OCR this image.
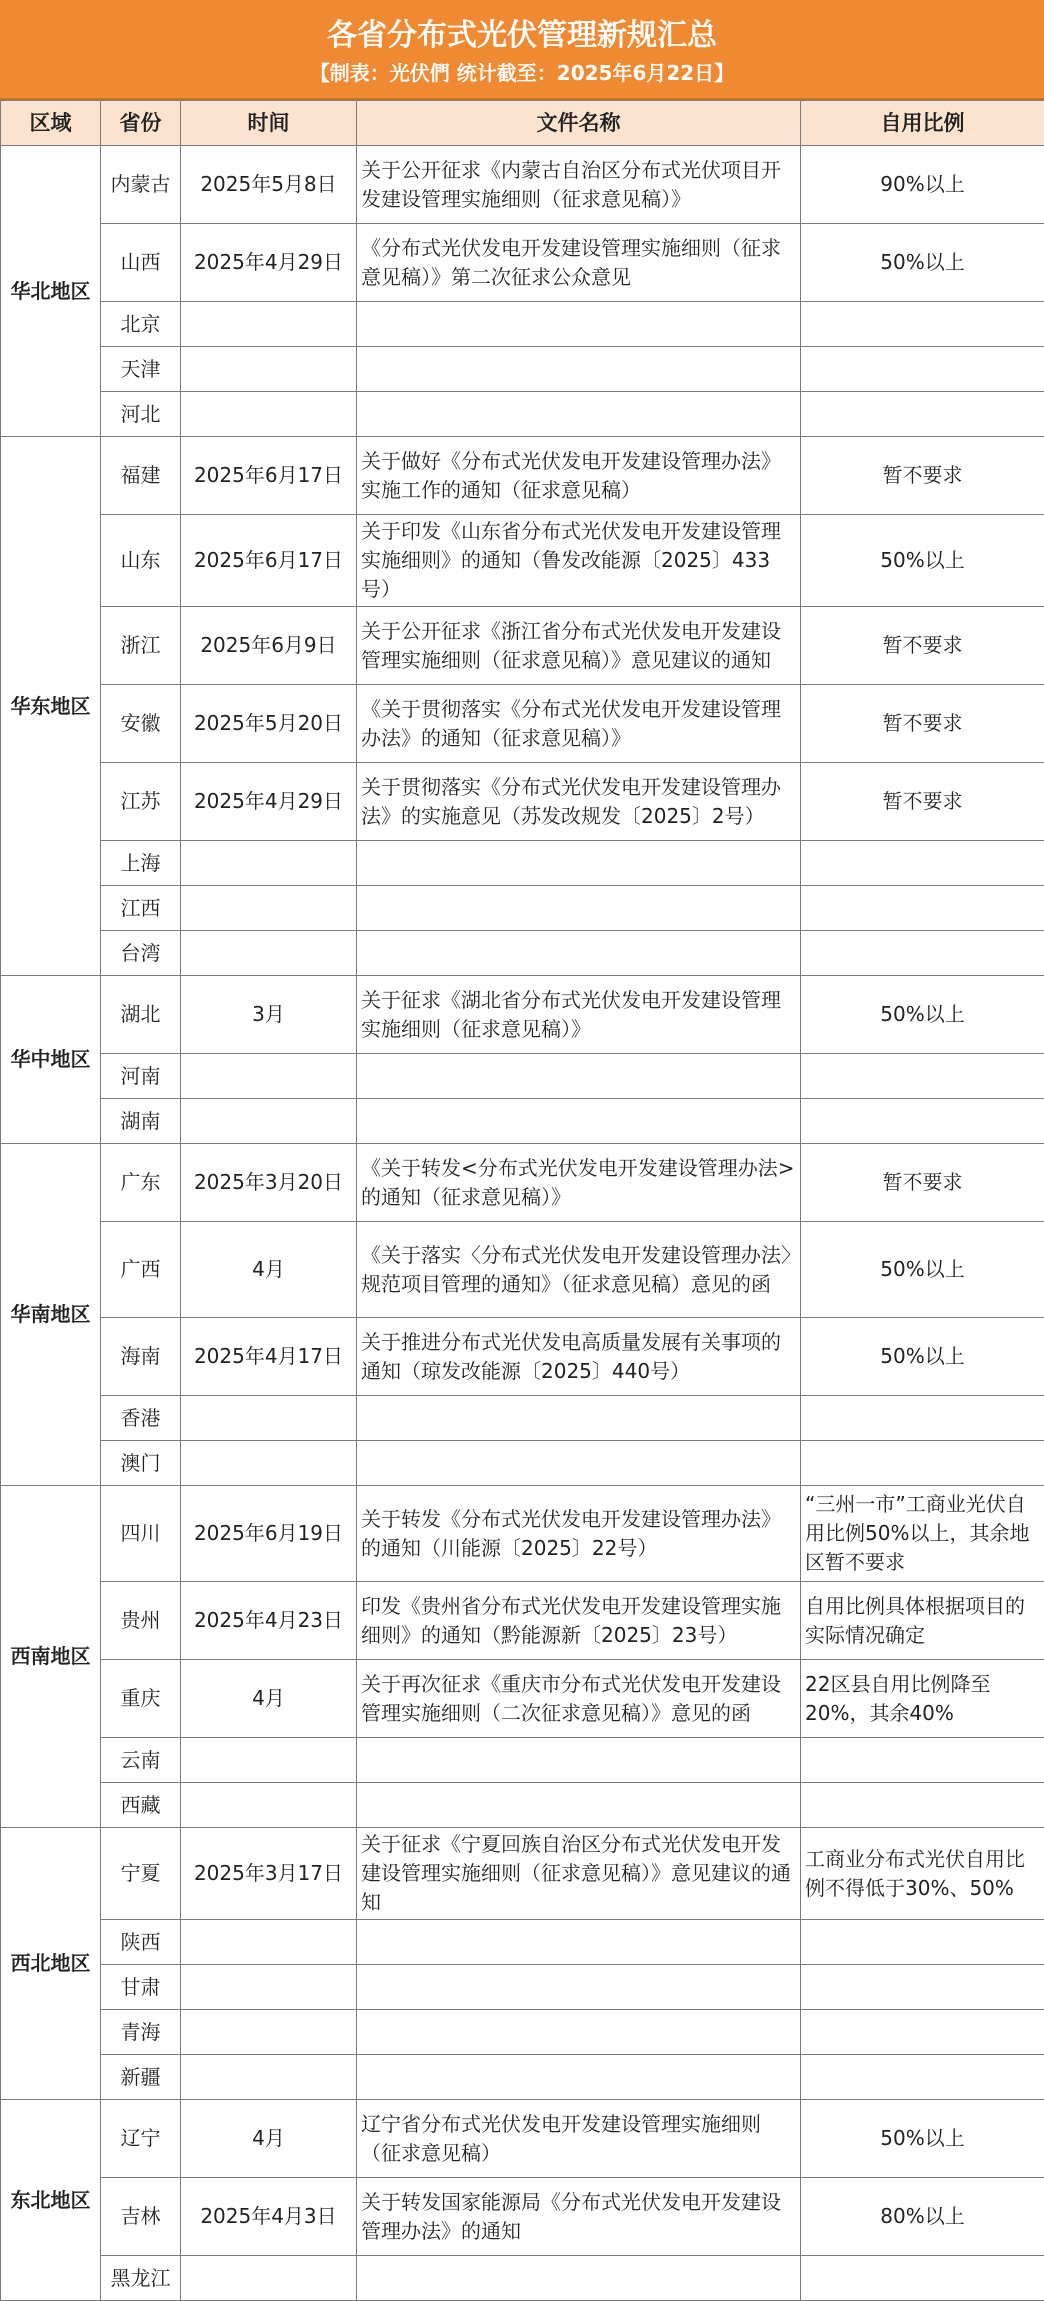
各省分布式光伏管理新规汇总
【制表：光伏們 统计截至：2025年6月22日】
区域	省份	时间	文件名称	自用比例
华北地区	内蒙古	2025年5月8日	关于公开征求《内蒙古自治区分布式光伏项目开发建设管理实施细则（征求意见稿）》	90%以上
	山西	2025年4月29日	《分布式光伏发电开发建设管理实施细则（征求意见稿）》第二次征求公众意见	50%以上
	北京			
	天津			
	河北			
华东地区	福建	2025年6月17日	关于做好《分布式光伏发电开发建设管理办法》实施工作的通知（征求意见稿）	暂不要求
	山东	2025年6月17日	关于印发《山东省分布式光伏发电开发建设管理实施细则》的通知（鲁发改能源〔2025〕433号）	50%以上
	浙江	2025年6月9日	关于公开征求《浙江省分布式光伏发电开发建设管理实施细则（征求意见稿）》意见建议的通知	暂不要求
	安徽	2025年5月20日	《关于贯彻落实《分布式光伏发电开发建设管理办法》的通知（征求意见稿）》	暂不要求
	江苏	2025年4月29日	关于贯彻落实《分布式光伏发电开发建设管理办法》的实施意见（苏发改规发〔2025〕2号）	暂不要求
	上海			
	江西			
	台湾			
华中地区	湖北	3月	关于征求《湖北省分布式光伏发电开发建设管理实施细则（征求意见稿）》	50%以上
	河南			
	湖南			
华南地区	广东	2025年3月20日	《关于转发<分布式光伏发电开发建设管理办法>的通知（征求意见稿）》	暂不要求
	广西	4月	《关于落实〈分布式光伏发电开发建设管理办法〉规范项目管理的通知》（征求意见稿）意见的函	50%以上
	海南	2025年4月17日	关于推进分布式光伏发电高质量发展有关事项的通知（琼发改能源〔2025〕440号）	50%以上
	香港			
	澳门			
西南地区	四川	2025年6月19日	关于转发《分布式光伏发电开发建设管理办法》的通知（川能源〔2025〕22号）	“三州一市”工商业光伏自用比例50%以上，其余地区暂不要求
	贵州	2025年4月23日	印发《贵州省分布式光伏发电开发建设管理实施细则》的通知（黔能源新〔2025〕23号）	自用比例具体根据项目的实际情况确定
	重庆	4月	关于再次征求《重庆市分布式光伏发电开发建设管理实施细则（二次征求意见稿）》意见的函	22区县自用比例降至20%，其余40%
	云南			
	西藏			
西北地区	宁夏	2025年3月17日	关于征求《宁夏回族自治区分布式光伏发电开发建设管理实施细则（征求意见稿）》意见建议的通知	工商业分布式光伏自用比例不得低于30%、50%
	陕西			
	甘肃			
	青海			
	新疆			
东北地区	辽宁	4月	辽宁省分布式光伏发电开发建设管理实施细则（征求意见稿）	50%以上
	吉林	2025年4月3日	关于转发国家能源局《分布式光伏发电开发建设管理办法》的通知	80%以上
	黑龙江			
